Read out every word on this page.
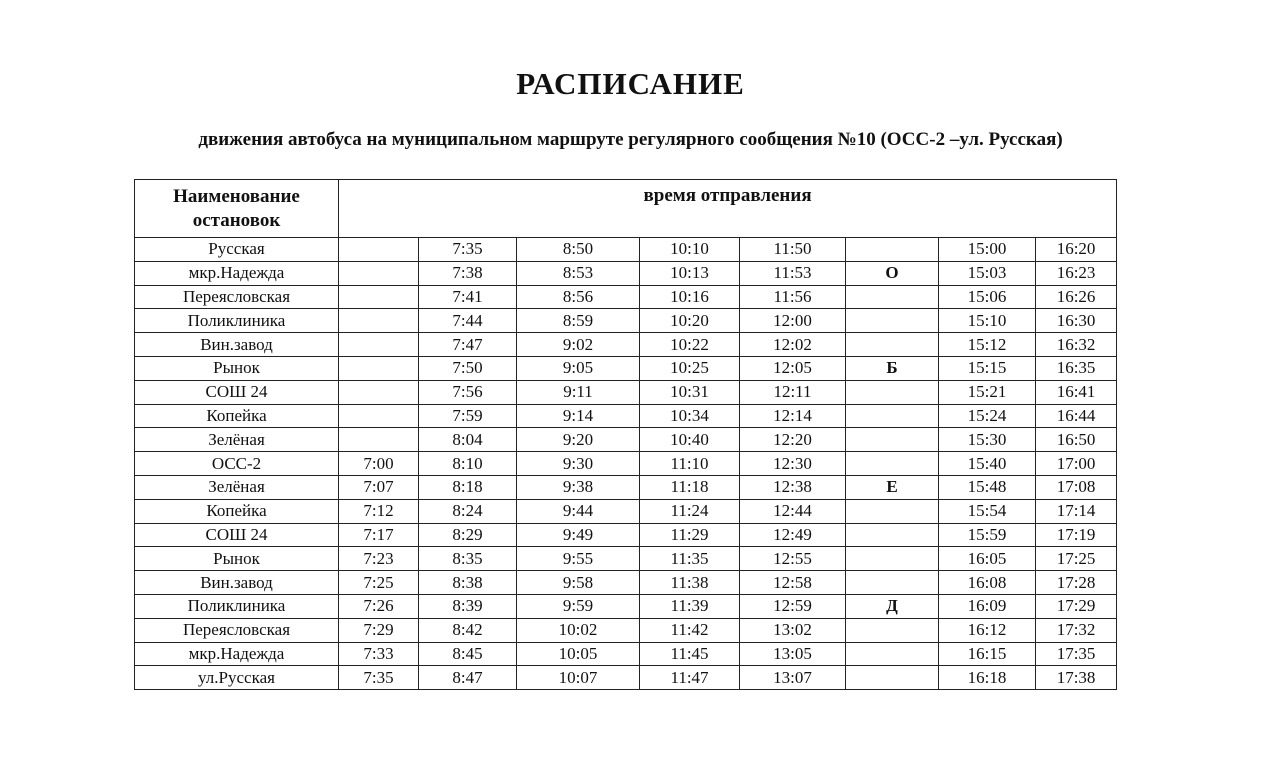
РАСПИСАНИЕ
движения автобуса на муниципальном маршруте регулярного сообщения №10 (ОСС-2 –ул. Русская)
Наименование остановок	время отправления							
Русская		7:35	8:50	10:10	11:50		15:00	16:20
мкр.Надежда		7:38	8:53	10:13	11:53	О	15:03	16:23
Переясловская		7:41	8:56	10:16	11:56		15:06	16:26
Поликлиника		7:44	8:59	10:20	12:00		15:10	16:30
Вин.завод		7:47	9:02	10:22	12:02		15:12	16:32
Рынок		7:50	9:05	10:25	12:05	Б	15:15	16:35
СОШ 24		7:56	9:11	10:31	12:11		15:21	16:41
Копейка		7:59	9:14	10:34	12:14		15:24	16:44
Зелёная		8:04	9:20	10:40	12:20		15:30	16:50
ОСС-2	7:00	8:10	9:30	11:10	12:30		15:40	17:00
Зелёная	7:07	8:18	9:38	11:18	12:38	Е	15:48	17:08
Копейка	7:12	8:24	9:44	11:24	12:44		15:54	17:14
СОШ 24	7:17	8:29	9:49	11:29	12:49		15:59	17:19
Рынок	7:23	8:35	9:55	11:35	12:55		16:05	17:25
Вин.завод	7:25	8:38	9:58	11:38	12:58		16:08	17:28
Поликлиника	7:26	8:39	9:59	11:39	12:59	Д	16:09	17:29
Переясловская	7:29	8:42	10:02	11:42	13:02		16:12	17:32
мкр.Надежда	7:33	8:45	10:05	11:45	13:05		16:15	17:35
ул.Русская	7:35	8:47	10:07	11:47	13:07		16:18	17:38
